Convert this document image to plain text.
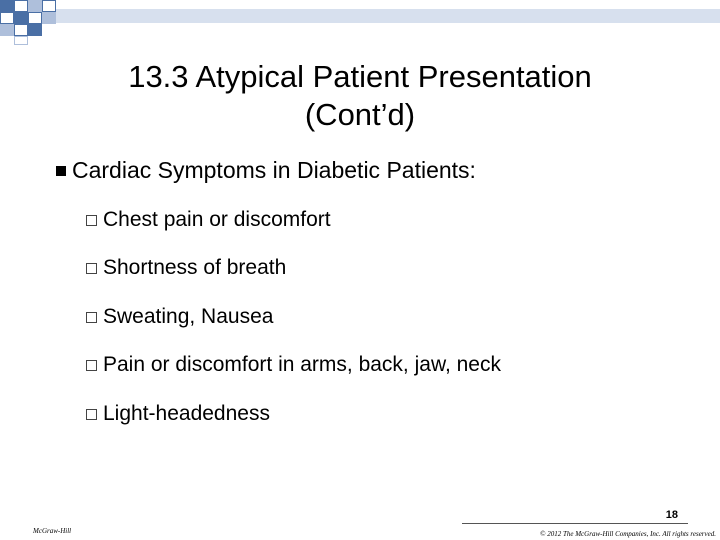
13.3 Atypical Patient Presentation
(Cont’d)
Cardiac Symptoms in Diabetic Patients:
Chest pain or discomfort
Shortness of breath
Sweating, Nausea
Pain or discomfort in arms, back, jaw, neck
Light-headedness
18
McGraw-Hill	© 2012 The McGraw-Hill Companies, Inc. All rights reserved.
